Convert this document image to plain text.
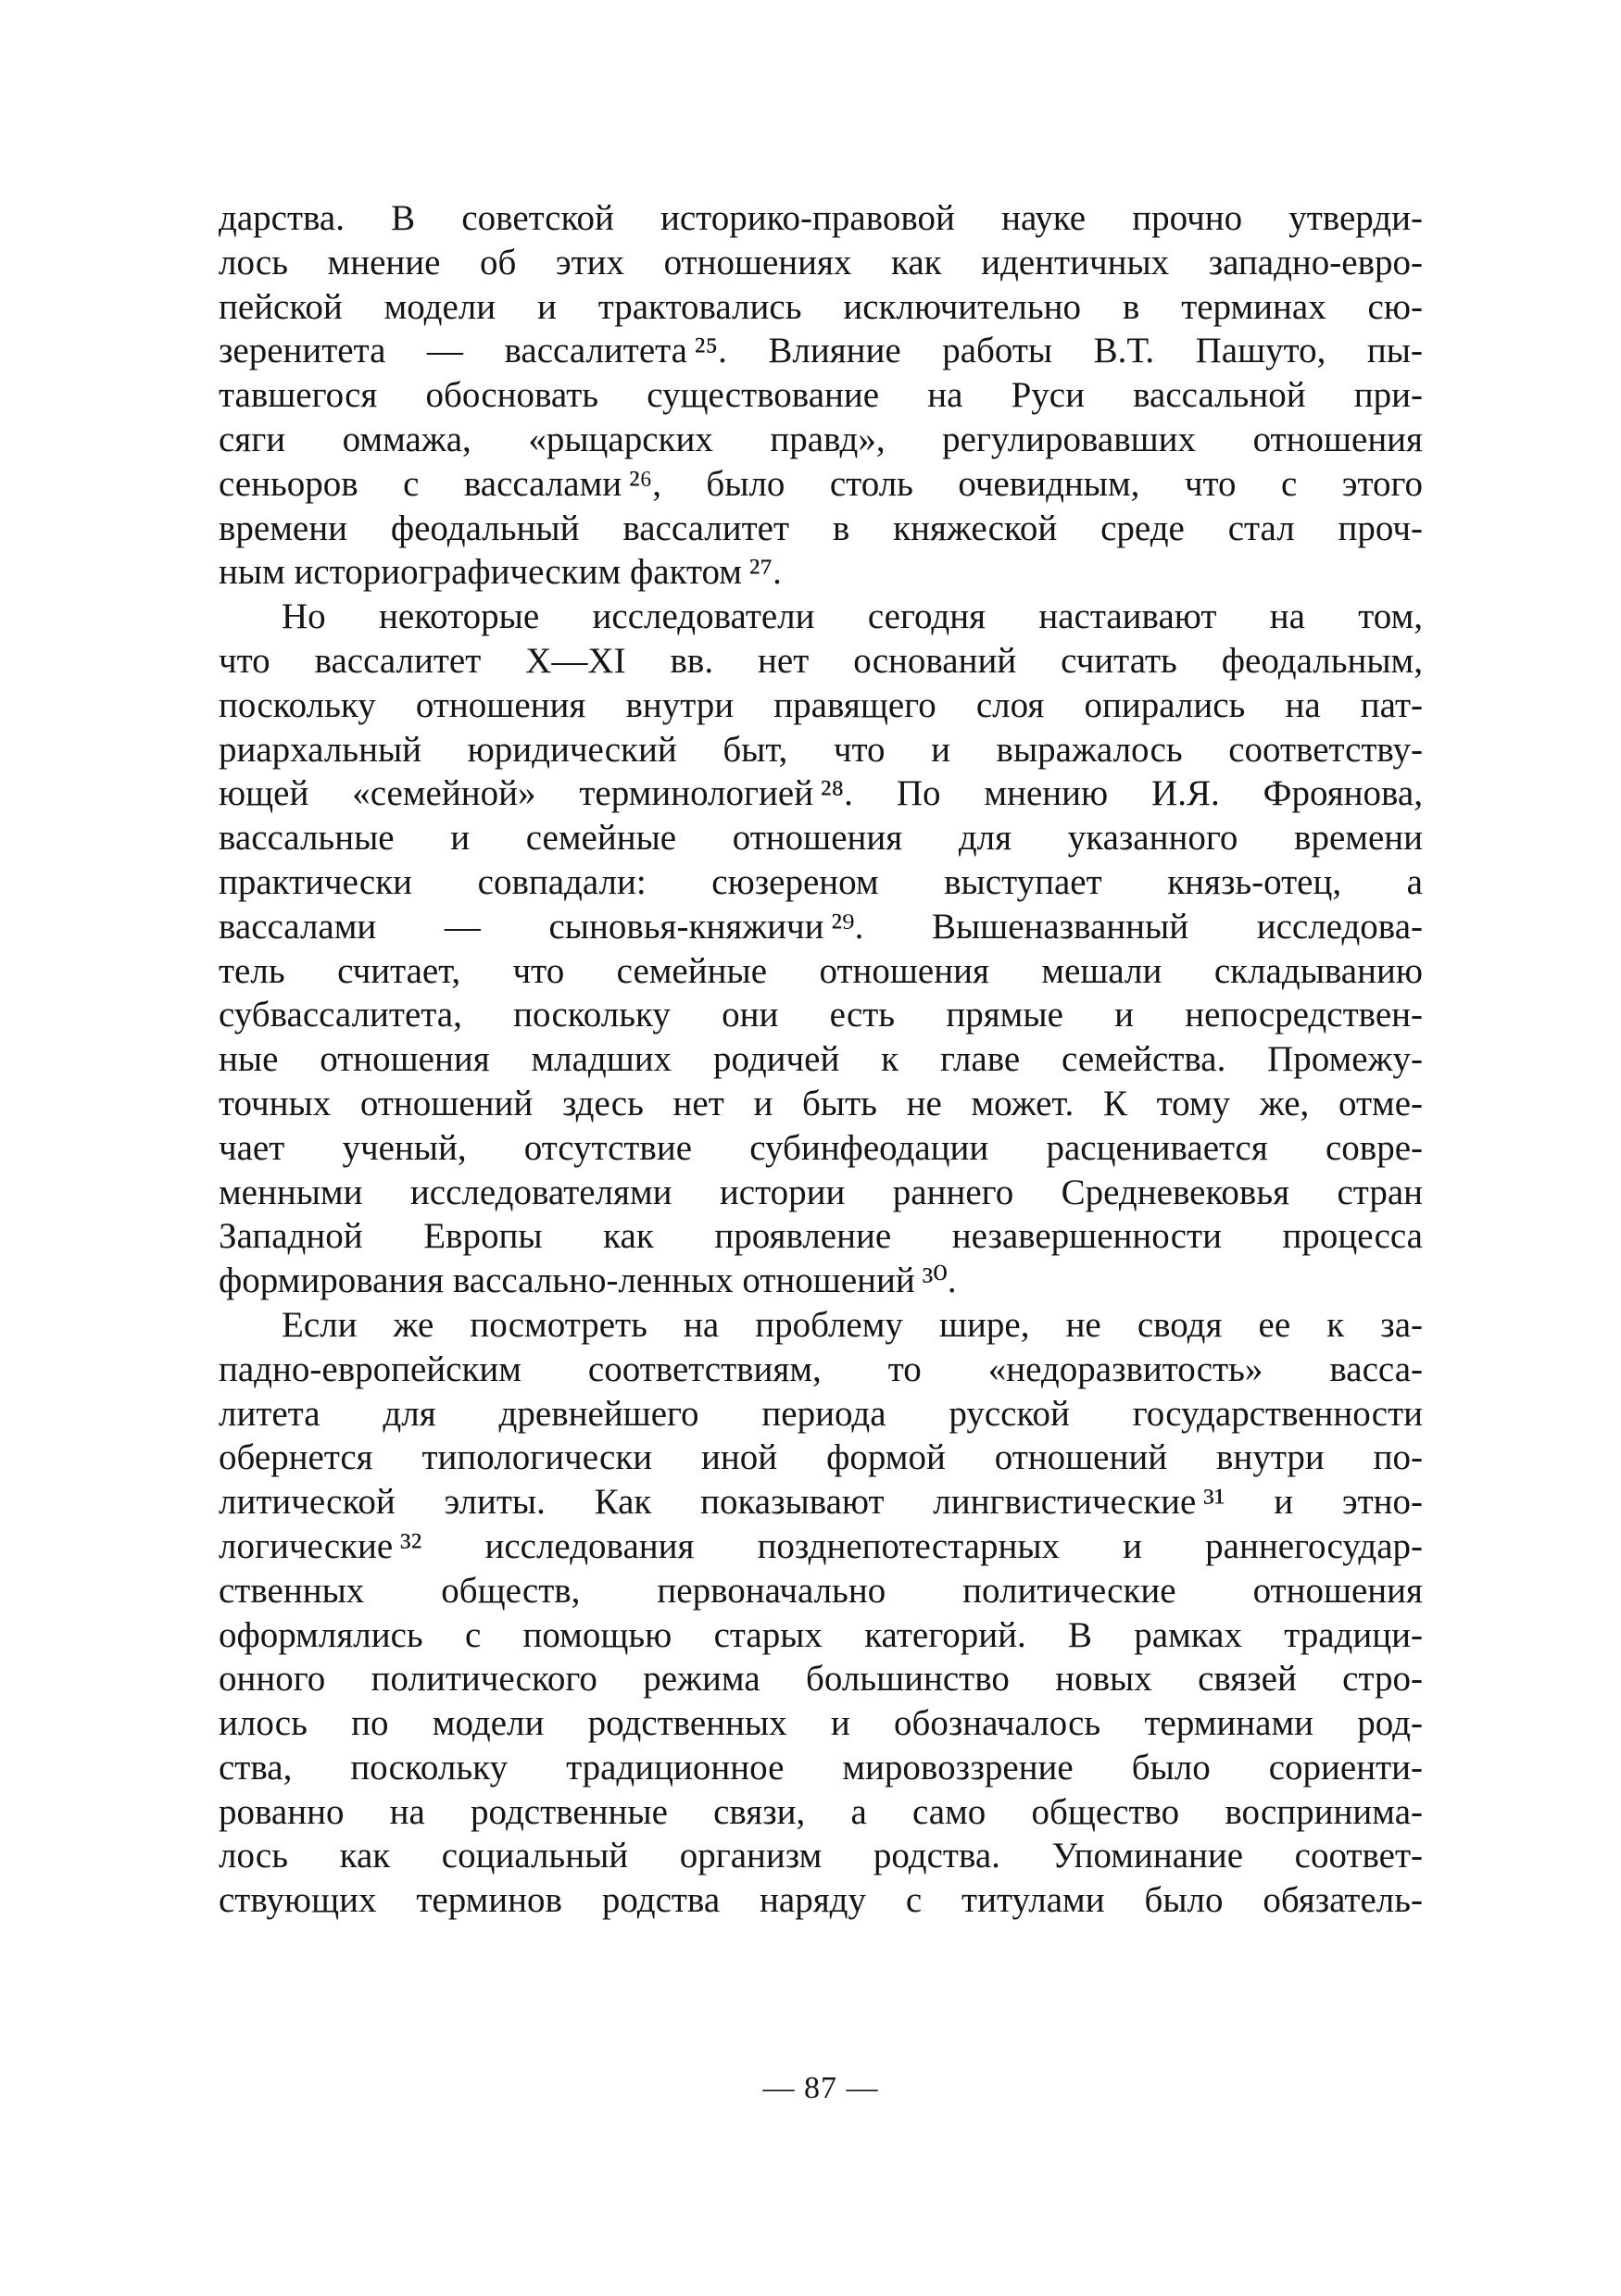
дарства. В советской историко-правовой науке прочно утверди-
лось мнение об этих отношениях как идентичных западно-евро-
пейской модели и трактовались исключительно в терминах сю-
зеренитета — вассалитета ²⁵. Влияние работы В.Т. Пашуто, пы-
тавшегося обосновать существование на Руси вассальной при-
сяги оммажа, «рыцарских правд», регулировавших отношения
сеньоров с вассалами ²⁶, было столь очевидным, что с этого
времени феодальный вассалитет в княжеской среде стал проч-
ным историографическим фактом ²⁷.
Но некоторые исследователи сегодня настаивают на том,
что вассалитет X—XI вв. нет оснований считать феодальным,
поскольку отношения внутри правящего слоя опирались на пат-
риархальный юридический быт, что и выражалось соответству-
ющей «семейной» терминологией ²⁸. По мнению И.Я. Фроянова,
вассальные и семейные отношения для указанного времени
практически совпадали: сюзереном выступает князь-отец, а
вассалами — сыновья-княжичи ²⁹. Вышеназванный исследова-
тель считает, что семейные отношения мешали складыванию
субвассалитета, поскольку они есть прямые и непосредствен-
ные отношения младших родичей к главе семейства. Промежу-
точных отношений здесь нет и быть не может. К тому же, отме-
чает ученый, отсутствие субинфеодации расценивается совре-
менными исследователями истории раннего Средневековья стран
Западной Европы как проявление незавершенности процесса
формирования вассально-ленных отношений ³⁰.
Если же посмотреть на проблему шире, не сводя ее к за-
падно-европейским соответствиям, то «недоразвитость» васса-
литета для древнейшего периода русской государственности
обернется типологически иной формой отношений внутри по-
литической элиты. Как показывают лингвистические ³¹ и этно-
логические ³² исследования позднепотестарных и раннегосудар-
ственных обществ, первоначально политические отношения
оформлялись с помощью старых категорий. В рамках традици-
онного политического режима большинство новых связей стро-
илось по модели родственных и обозначалось терминами род-
ства, поскольку традиционное мировоззрение было сориенти-
рованно на родственные связи, а само общество воспринима-
лось как социальный организм родства. Упоминание соответ-
ствующих терминов родства наряду с титулами было обязатель-
— 87 —
